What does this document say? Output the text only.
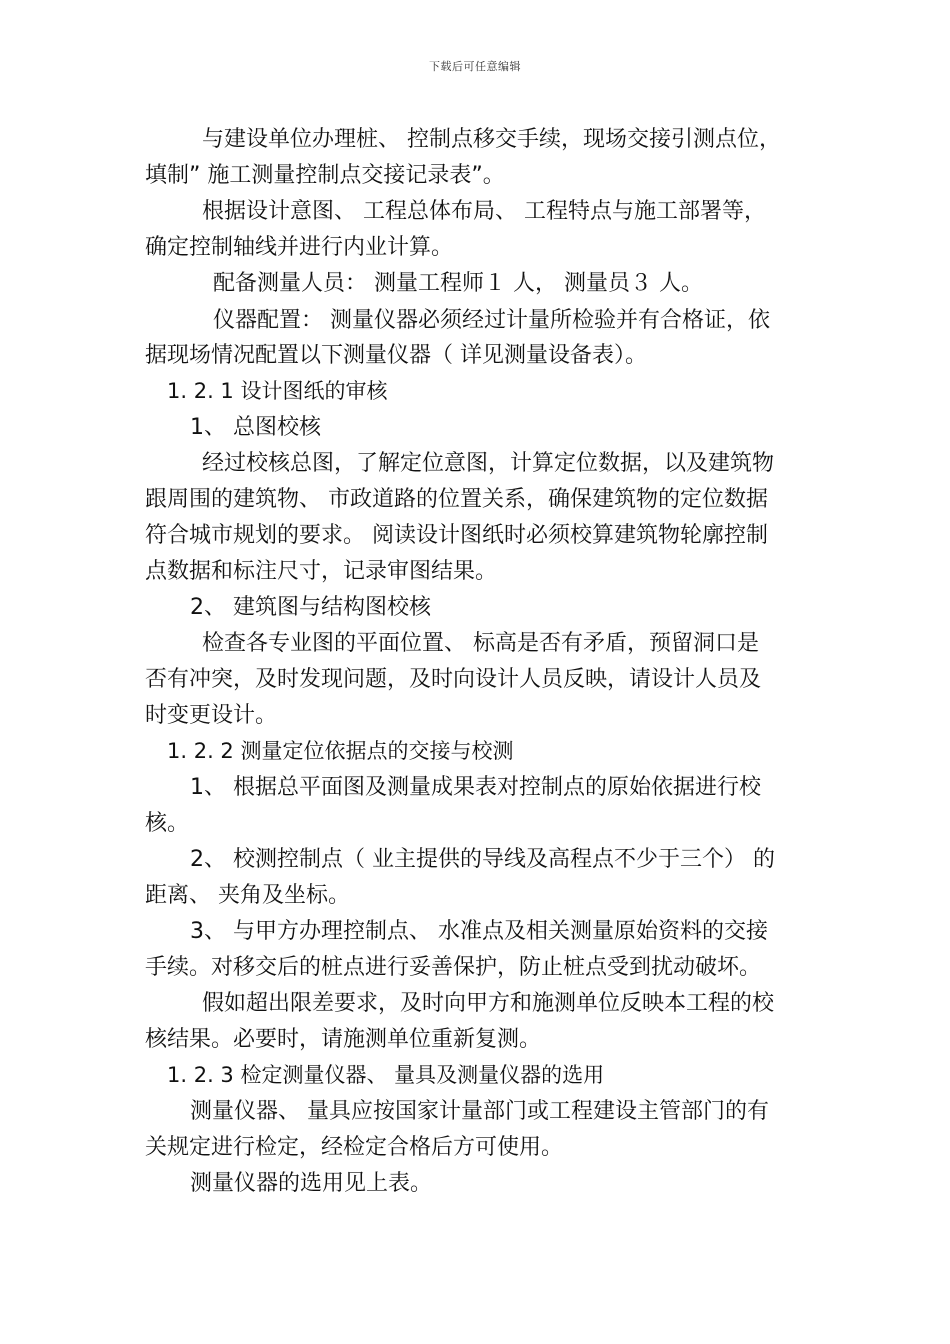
下载后可任意编辑
与建设单位办理桩、 控制点移交手续，现场交接引测点位，
填制” 施工测量控制点交接记录表”。
根据设计意图、 工程总体布局、 工程特点与施工部署等，
确定控制轴线并进行内业计算。
配备测量人员： 测量工程师１ 人， 测量员３ 人。
仪器配置： 测量仪器必须经过计量所检验并有合格证，依
据现场情况配置以下测量仪器（ 详见测量设备表）。
1. 2. 1 设计图纸的审核
1、 总图校核
经过校核总图，了解定位意图，计算定位数据，以及建筑物
跟周围的建筑物、 市政道路的位置关系，确保建筑物的定位数据
符合城市规划的要求。 阅读设计图纸时必须校算建筑物轮廓控制
点数据和标注尺寸，记录审图结果。
2、 建筑图与结构图校核
检查各专业图的平面位置、 标高是否有矛盾，预留洞口是
否有冲突，及时发现问题，及时向设计人员反映，请设计人员及
时变更设计。
1. 2. 2 测量定位依据点的交接与校测
1、 根据总平面图及测量成果表对控制点的原始依据进行校
核。
2、 校测控制点（ 业主提供的导线及高程点不少于三个） 的
距离、 夹角及坐标。
3、 与甲方办理控制点、 水准点及相关测量原始资料的交接
手续。对移交后的桩点进行妥善保护，防止桩点受到扰动破坏。
假如超出限差要求，及时向甲方和施测单位反映本工程的校
核结果。必要时，请施测单位重新复测。
1. 2. 3 检定测量仪器、 量具及测量仪器的选用
测量仪器、 量具应按国家计量部门或工程建设主管部门的有
关规定进行检定，经检定合格后方可使用。
测量仪器的选用见上表。
